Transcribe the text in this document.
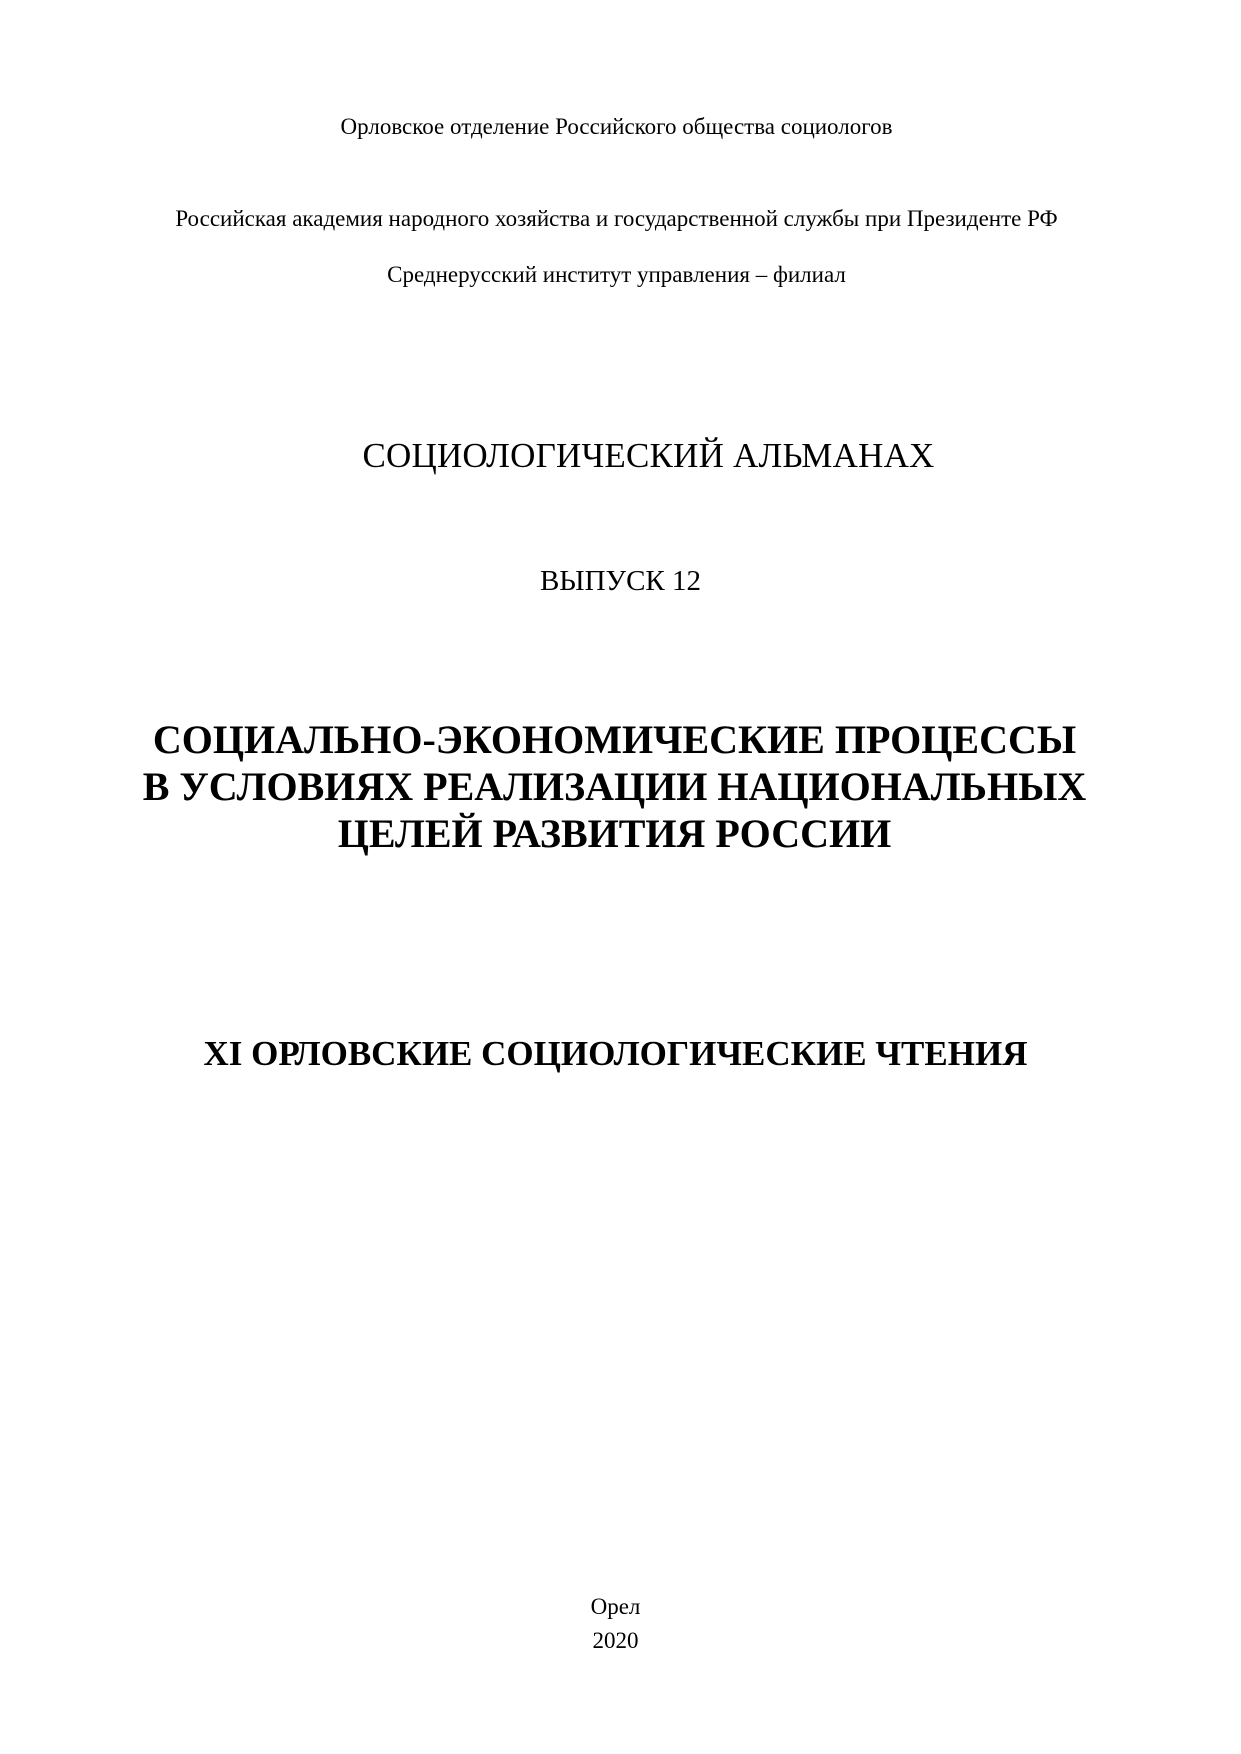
Орловское отделение Российского общества социологов
Российская академия народного хозяйства и государственной службы при Президенте РФ
Среднерусский институт управления – филиал
СОЦИОЛОГИЧЕСКИЙ АЛЬМАНАХ
ВЫПУСК 12
СОЦИАЛЬНО-ЭКОНОМИЧЕСКИЕ ПРОЦЕССЫ
В УСЛОВИЯХ РЕАЛИЗАЦИИ НАЦИОНАЛЬНЫХ
ЦЕЛЕЙ РАЗВИТИЯ РОССИИ
XI ОРЛОВСКИЕ СОЦИОЛОГИЧЕСКИЕ ЧТЕНИЯ
Орел
2020
